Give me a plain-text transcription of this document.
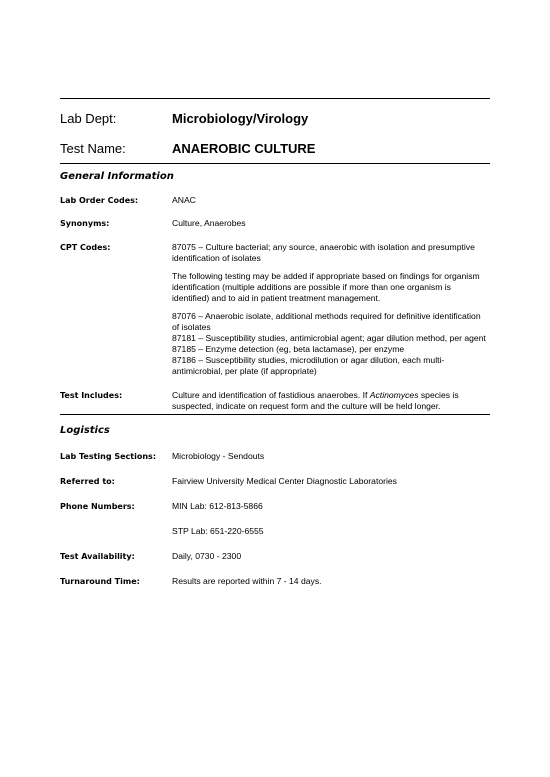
Lab Dept:	Microbiology/Virology
Test Name:	ANAEROBIC CULTURE
General Information
Lab Order Codes:	ANAC
Synonyms:	Culture, Anaerobes
CPT Codes:	87075 – Culture bacterial; any source, anaerobic with isolation and presumptive identification of isolates

The following testing may be added if appropriate based on findings for organism identification (multiple additions are possible if more than one organism is identified) and to aid in patient treatment management.

87076 – Anaerobic isolate, additional methods required for definitive identification of isolates

87181 – Susceptibility studies, antimicrobial agent; agar dilution method, per agent

87185 – Enzyme detection (eg, beta lactamase), per enzyme

87186 – Susceptibility studies, microdilution or agar dilution, each multi-antimicrobial, per plate (if appropriate)

Test Includes:	Culture and identification of fastidious anaerobes. If Actinomyces species is suspected, indicate on request form and the culture will be held longer.

Logistics
Lab Testing Sections:	Microbiology - Sendouts
Referred to:	Fairview University Medical Center Diagnostic Laboratories
Phone Numbers:	MIN Lab: 612-813-5866

STP Lab: 651-220-6555

Test Availability:	Daily, 0730 - 2300
Turnaround Time:	Results are reported within 7 - 14 days.
